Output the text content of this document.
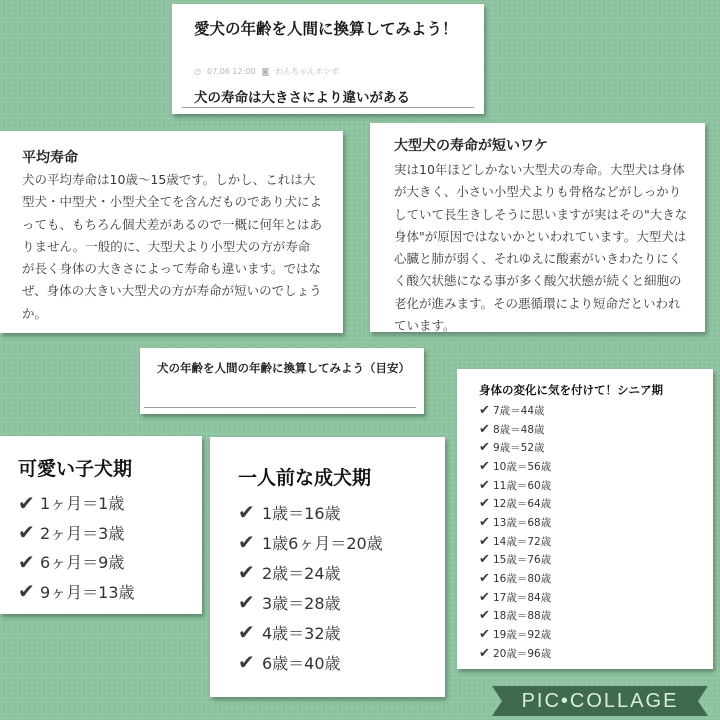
愛犬の年齢を人間に換算してみよう！
◷ 07.06 12:00 ◙ わんちゃんホンポ
犬の寿命は大きさにより違いがある
平均寿命
犬の平均寿命は10歳〜15歳です。しかし、これは大型犬・中型犬・小型犬全てを含んだものであり犬によっても、もちろん個犬差があるので一概に何年とはありません。一般的に、大型犬より小型犬の方が寿命が長く身体の大きさによって寿命も違います。ではなぜ、身体の大きい大型犬の方が寿命が短いのでしょうか。
大型犬の寿命が短いワケ
実は10年ほどしかない大型犬の寿命。大型犬は身体が大きく、小さい小型犬よりも骨格などがしっかりしていて長生きしそうに思いますが実はその"大きな身体"が原因ではないかといわれています。大型犬は心臓と肺が弱く、それゆえに酸素がいきわたりにくく酸欠状態になる事が多く酸欠状態が続くと細胞の老化が進みます。その悪循環により短命だといわれています。
犬の年齢を人間の年齢に換算してみよう（目安）
可愛い子犬期
✔ 1ヶ月＝1歳
✔ 2ヶ月＝3歳
✔ 6ヶ月＝9歳
✔ 9ヶ月＝13歳
一人前な成犬期
✔ 1歳＝16歳
✔ 1歳6ヶ月＝20歳
✔ 2歳＝24歳
✔ 3歳＝28歳
✔ 4歳＝32歳
✔ 6歳＝40歳
身体の変化に気を付けて！シニア期
✔ 7歳＝44歳
✔ 8歳＝48歳
✔ 9歳＝52歳
✔ 10歳＝56歳
✔ 11歳＝60歳
✔ 12歳＝64歳
✔ 13歳＝68歳
✔ 14歳＝72歳
✔ 15歳＝76歳
✔ 16歳＝80歳
✔ 17歳＝84歳
✔ 18歳＝88歳
✔ 19歳＝92歳
✔ 20歳＝96歳
PIC•COLLAGE
